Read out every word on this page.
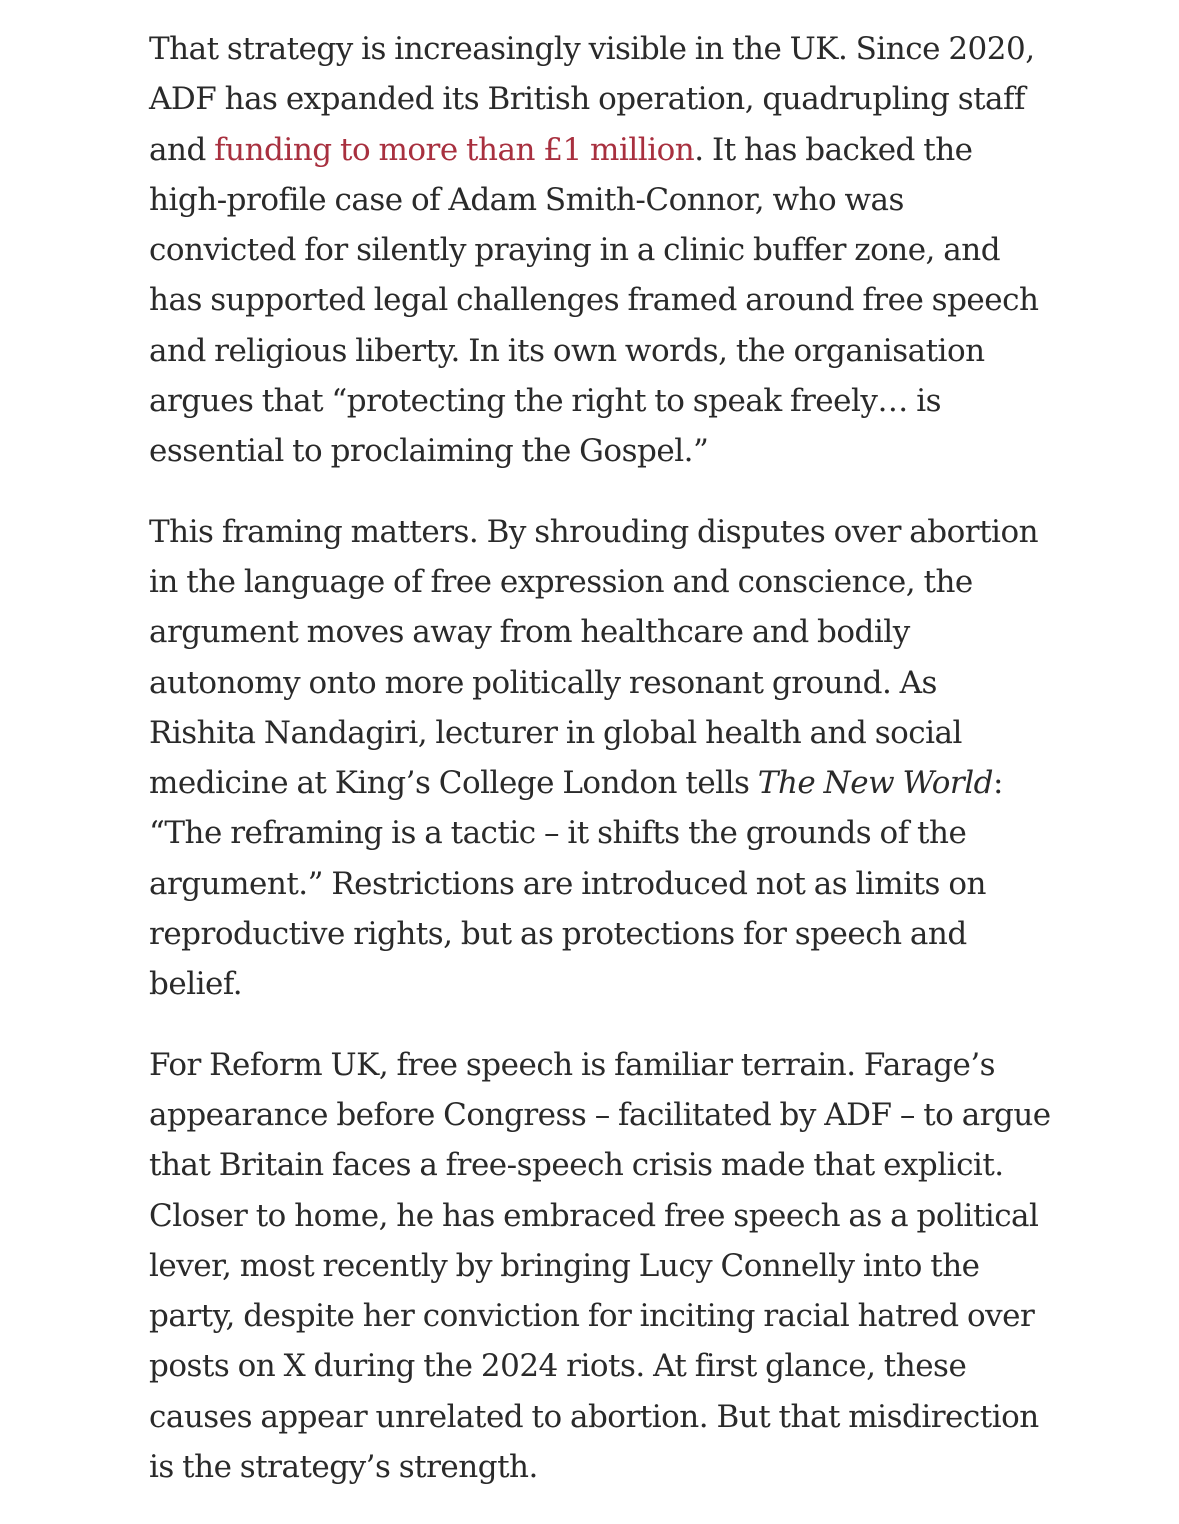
That strategy is increasingly visible in the UK. Since 2020,
ADF has expanded its British operation, quadrupling staff
and funding to more than £1 million. It has backed the
high-profile case of Adam Smith-Connor, who was
convicted for silently praying in a clinic buffer zone, and
has supported legal challenges framed around free speech
and religious liberty. In its own words, the organisation
argues that “protecting the right to speak freely… is
essential to proclaiming the Gospel.”

This framing matters. By shrouding disputes over abortion
in the language of free expression and conscience, the
argument moves away from healthcare and bodily
autonomy onto more politically resonant ground. As
Rishita Nandagiri, lecturer in global health and social
medicine at King’s College London tells The New World:
“The reframing is a tactic – it shifts the grounds of the
argument.” Restrictions are introduced not as limits on
reproductive rights, but as protections for speech and
belief.

For Reform UK, free speech is familiar terrain. Farage’s
appearance before Congress – facilitated by ADF – to argue
that Britain faces a free-speech crisis made that explicit.
Closer to home, he has embraced free speech as a political
lever, most recently by bringing Lucy Connelly into the
party, despite her conviction for inciting racial hatred over
posts on X during the 2024 riots. At first glance, these
causes appear unrelated to abortion. But that misdirection
is the strategy’s strength.
